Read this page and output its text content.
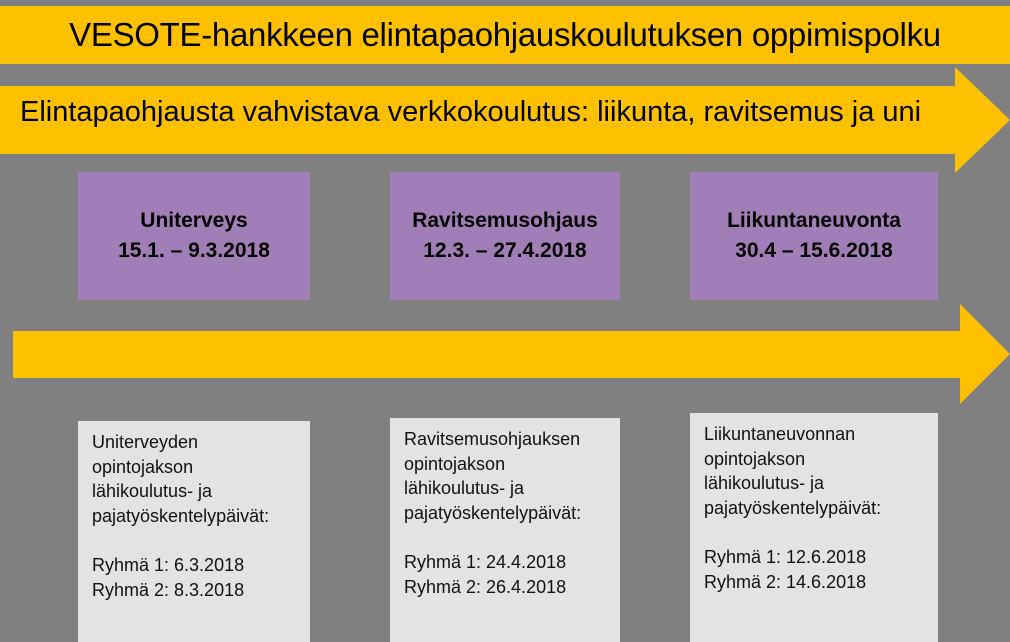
VESOTE-hankkeen elintapaohjauskoulutuksen oppimispolku
Elintapaohjausta vahvistava verkkokoulutus: liikunta, ravitsemus ja uni
Uniterveys
15.1. – 9.3.2018
Ravitsemusohjaus
12.3. – 27.4.2018
Liikuntaneuvonta
30.4 – 15.6.2018

Uniterveyden

opintojakson

lähikoulutus- ja

pajatyöskentelypäivät:

Ryhmä 1: 6.3.2018

Ryhmä 2: 8.3.2018

Ravitsemusohjauksen

opintojakson

lähikoulutus- ja

pajatyöskentelypäivät:

Ryhmä 1: 24.4.2018

Ryhmä 2: 26.4.2018

Liikuntaneuvonnan

opintojakson

lähikoulutus- ja

pajatyöskentelypäivät:

Ryhmä 1: 12.6.2018

Ryhmä 2: 14.6.2018
